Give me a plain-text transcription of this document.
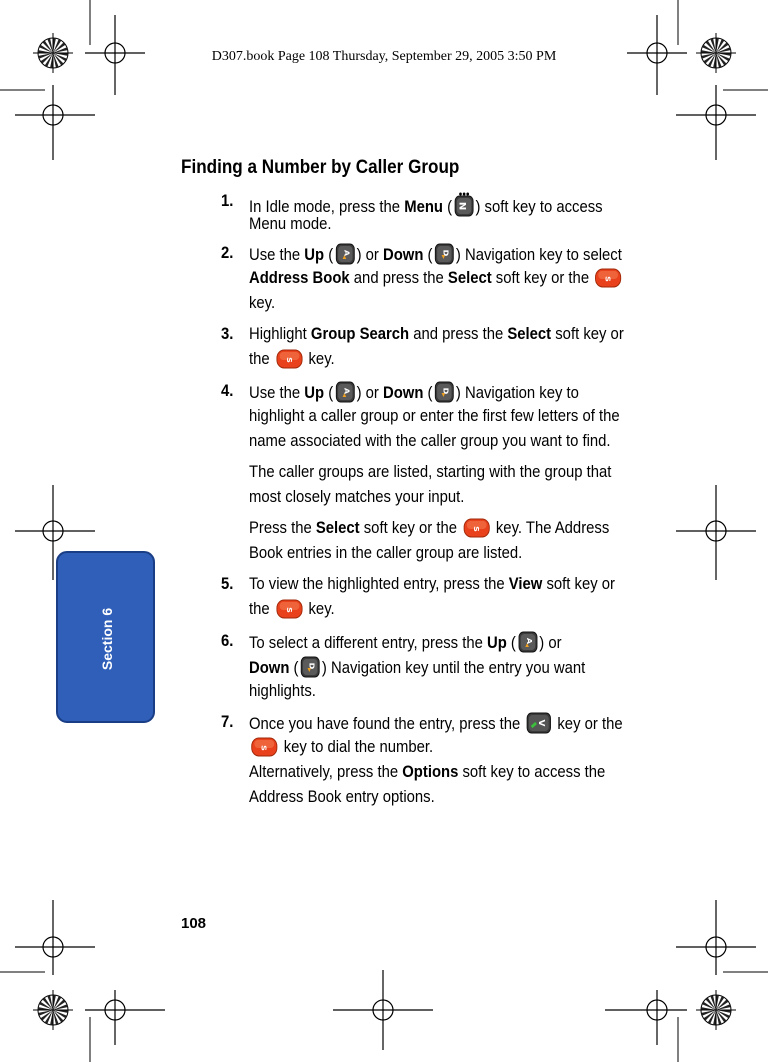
D307.book Page 108 Thursday, September 29, 2005 3:50 PM
Finding a Number by Caller Group
1. In Idle mode, press the Menu ( N ) soft key to access
Menu mode.
2. Use the Up ( A ) or Down ( D ) Navigation key to select
Address Book and press the Select soft key or the S
key.
3. Highlight Group Search and press the Select soft key or
the S key.
4. Use the Up ( A ) or Down ( D ) Navigation key to
highlight a caller group or enter the first few letters of the
name associated with the caller group you want to find.
The caller groups are listed, starting with the group that
most closely matches your input.
Press the Select soft key or the S key. The Address
Book entries in the caller group are listed.
5. To view the highlighted entry, press the View soft key or
the S key.
6. To select a different entry, press the Up ( A ) or
Down ( D ) Navigation key until the entry you want
highlights.
7. Once you have found the entry, press the V key or the
S key to dial the number.
Alternatively, press the Options soft key to access the
Address Book entry options.
Section 6
108
